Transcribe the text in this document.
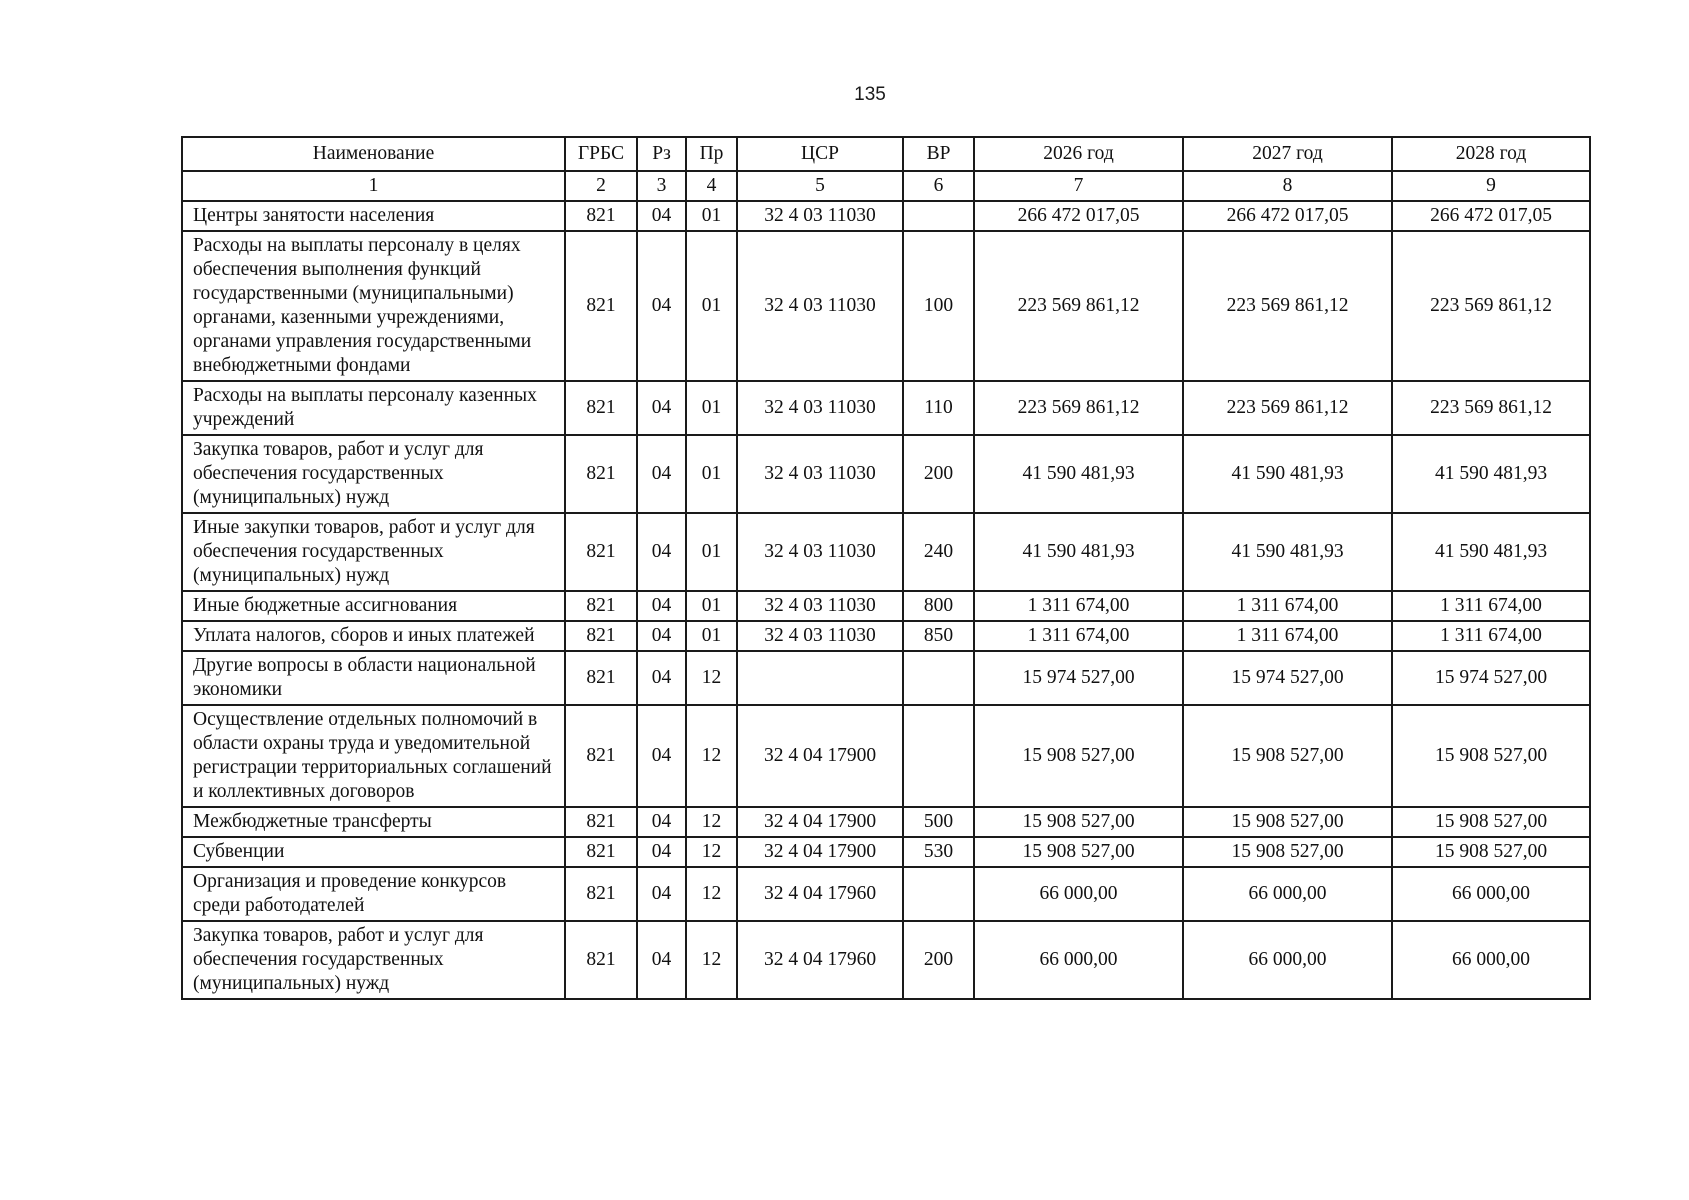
135
Наименование	ГРБС	Рз	Пр	ЦСР	ВР	2026 год	2027 год	2028 год
1	2	3	4	5	6	7	8	9
Центры занятости населения	821	04	01	32 4 03 11030		266 472 017,05	266 472 017,05	266 472 017,05
Расходы на выплаты персоналу в целях обеспечения выполнения функций государственными (муниципальными) органами, казенными учреждениями, органами управления государственными внебюджетными фондами	821	04	01	32 4 03 11030	100	223 569 861,12	223 569 861,12	223 569 861,12
Расходы на выплаты персоналу казенных учреждений	821	04	01	32 4 03 11030	110	223 569 861,12	223 569 861,12	223 569 861,12
Закупка товаров, работ и услуг для обеспечения государственных (муниципальных) нужд	821	04	01	32 4 03 11030	200	41 590 481,93	41 590 481,93	41 590 481,93
Иные закупки товаров, работ и услуг для обеспечения государственных (муниципальных) нужд	821	04	01	32 4 03 11030	240	41 590 481,93	41 590 481,93	41 590 481,93
Иные бюджетные ассигнования	821	04	01	32 4 03 11030	800	1 311 674,00	1 311 674,00	1 311 674,00
Уплата налогов, сборов и иных платежей	821	04	01	32 4 03 11030	850	1 311 674,00	1 311 674,00	1 311 674,00
Другие вопросы в области национальной экономики	821	04	12			15 974 527,00	15 974 527,00	15 974 527,00
Осуществление отдельных полномочий в области охраны труда и уведомительной регистрации территориальных соглашений и коллективных договоров	821	04	12	32 4 04 17900		15 908 527,00	15 908 527,00	15 908 527,00
Межбюджетные трансферты	821	04	12	32 4 04 17900	500	15 908 527,00	15 908 527,00	15 908 527,00
Субвенции	821	04	12	32 4 04 17900	530	15 908 527,00	15 908 527,00	15 908 527,00
Организация и проведение конкурсов среди работодателей	821	04	12	32 4 04 17960		66 000,00	66 000,00	66 000,00
Закупка товаров, работ и услуг для обеспечения государственных (муниципальных) нужд	821	04	12	32 4 04 17960	200	66 000,00	66 000,00	66 000,00
